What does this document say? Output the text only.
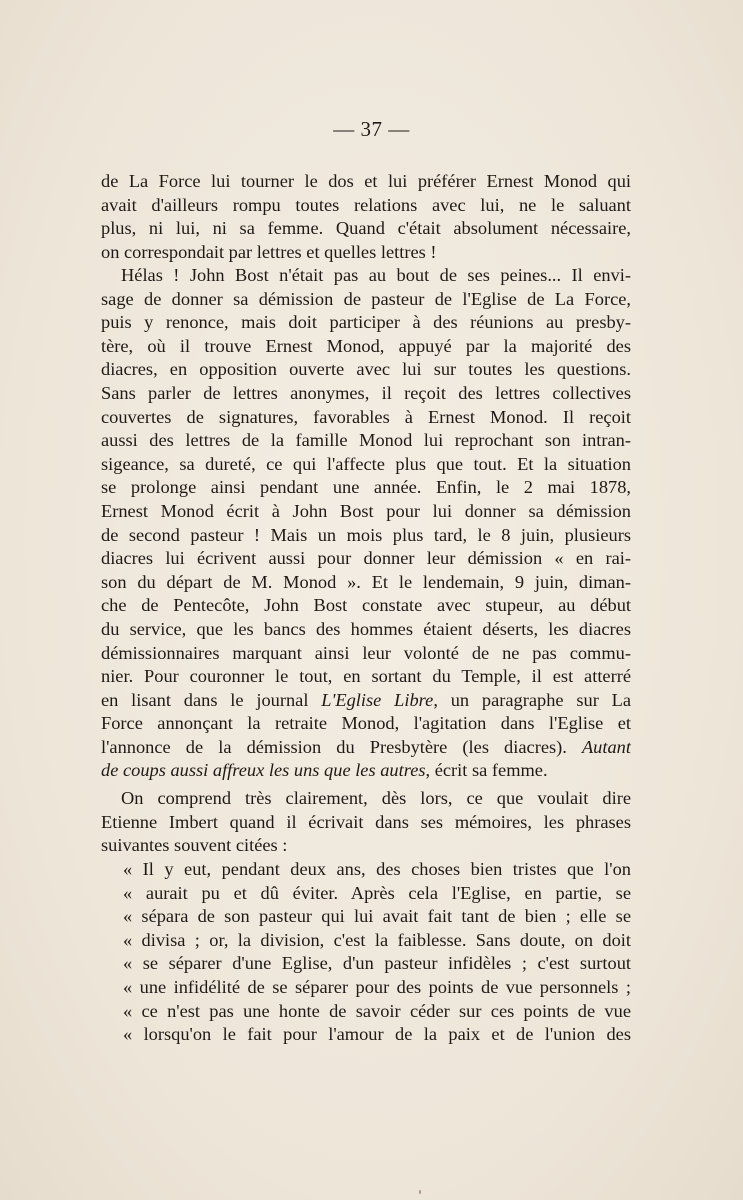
— 37 —
de La Force lui tourner le dos et lui préférer Ernest Monod qui
avait d'ailleurs rompu toutes relations avec lui, ne le saluant
plus, ni lui, ni sa femme. Quand c'était absolument nécessaire,
on correspondait par lettres et quelles lettres !
Hélas ! John Bost n'était pas au bout de ses peines... Il envi-
sage de donner sa démission de pasteur de l'Eglise de La Force,
puis y renonce, mais doit participer à des réunions au presby-
tère, où il trouve Ernest Monod, appuyé par la majorité des
diacres, en opposition ouverte avec lui sur toutes les questions.
Sans parler de lettres anonymes, il reçoit des lettres collectives
couvertes de signatures, favorables à Ernest Monod. Il reçoit
aussi des lettres de la famille Monod lui reprochant son intran-
sigeance, sa dureté, ce qui l'affecte plus que tout. Et la situation
se prolonge ainsi pendant une année. Enfin, le 2 mai 1878,
Ernest Monod écrit à John Bost pour lui donner sa démission
de second pasteur ! Mais un mois plus tard, le 8 juin, plusieurs
diacres lui écrivent aussi pour donner leur démission « en rai-
son du départ de M. Monod ». Et le lendemain, 9 juin, diman-
che de Pentecôte, John Bost constate avec stupeur, au début
du service, que les bancs des hommes étaient déserts, les diacres
démissionnaires marquant ainsi leur volonté de ne pas commu-
nier. Pour couronner le tout, en sortant du Temple, il est atterré
en lisant dans le journal L'Eglise Libre, un paragraphe sur La
Force annonçant la retraite Monod, l'agitation dans l'Eglise et
l'annonce de la démission du Presbytère (les diacres). Autant
de coups aussi affreux les uns que les autres, écrit sa femme.
On comprend très clairement, dès lors, ce que voulait dire
Etienne Imbert quand il écrivait dans ses mémoires, les phrases
suivantes souvent citées :
« Il y eut, pendant deux ans, des choses bien tristes que l'on
« aurait pu et dû éviter. Après cela l'Eglise, en partie, se
« sépara de son pasteur qui lui avait fait tant de bien ; elle se
« divisa ; or, la division, c'est la faiblesse. Sans doute, on doit
« se séparer d'une Eglise, d'un pasteur infidèles ; c'est surtout
« une infidélité de se séparer pour des points de vue personnels ;
« ce n'est pas une honte de savoir céder sur ces points de vue
« lorsqu'on le fait pour l'amour de la paix et de l'union des
